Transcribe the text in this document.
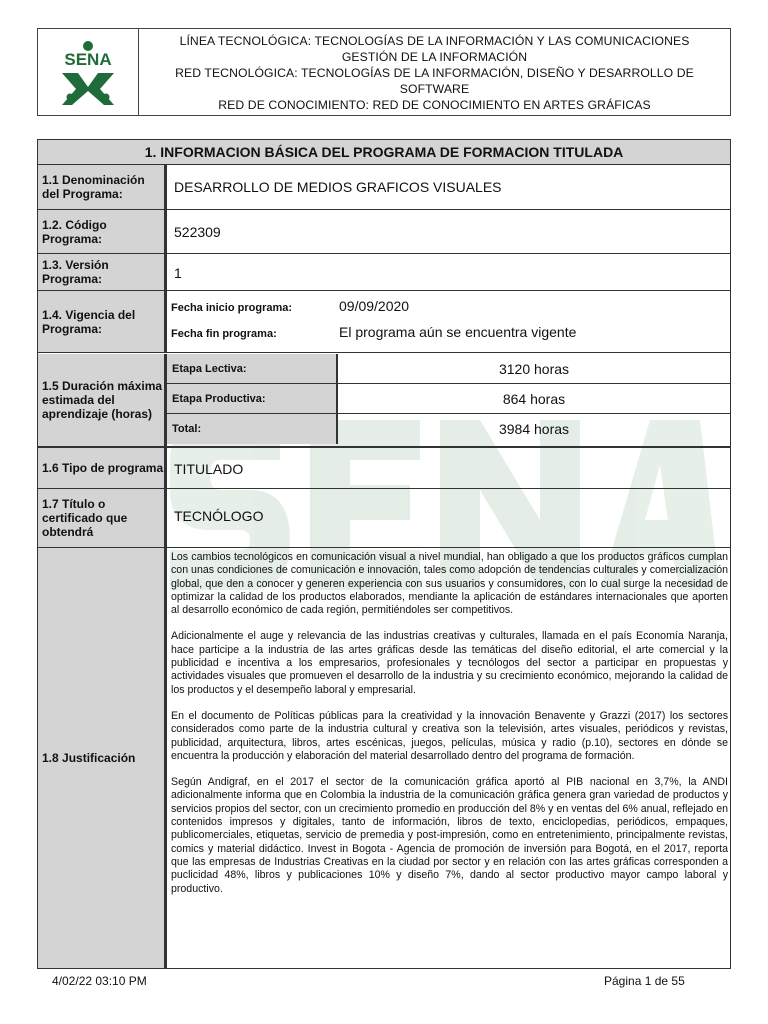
SENA
LÍNEA TECNOLÓGICA: TECNOLOGÍAS DE LA INFORMACIÓN Y LAS COMUNICACIONES
GESTIÓN DE LA INFORMACIÓN
RED TECNOLÓGICA: TECNOLOGÍAS DE LA INFORMACIÓN, DISEÑO Y DESARROLLO DE
SOFTWARE
RED DE CONOCIMIENTO: RED DE CONOCIMIENTO EN ARTES GRÁFICAS
1. INFORMACION BÁSICA DEL PROGRAMA DE FORMACION TITULADA
1.1 Denominación del Programa:	DESARROLLO DE MEDIOS GRAFICOS VISUALES
1.2. Código Programa:	522309
1.3. Versión Programa:	1
1.4. Vigencia del Programa:
Fecha inicio programa:	09/09/2020
Fecha fin programa:	El programa aún se encuentra vigente
1.5 Duración máxima estimada del aprendizaje (horas)
Etapa Lectiva:	3120 horas
Etapa Productiva:	864 horas
Total:	3984 horas
1.6 Tipo de programa TITULADO
1.7 Título o certificado que obtendrá
TECNÓLOGO
1.8 Justificación

Los cambios tecnológicos en comunicación visual a nivel mundial, han obligado a que los productos gráficos cumplan con unas condiciones de comunicación e innovación, tales como adopción de tendencias culturales y comercialización global, que den a conocer y generen experiencia con sus usuarios y consumidores, con lo cual surge la necesidad de optimizar la calidad de los productos elaborados, mendiante la aplicación de estándares internacionales que aporten al desarrollo económico de cada región, permitiéndoles ser competitivos.

Adicionalmente el auge y relevancia de las industrias creativas y culturales, llamada en el país Economía Naranja, hace participe a la industria de las artes gráficas desde las temáticas del diseño editorial, el arte comercial y la publicidad e incentiva a los empresarios, profesionales y tecnólogos del sector a participar en propuestas y actividades visuales que promueven el desarrollo de la industria y su crecimiento económico, mejorando la calidad de los productos y el desempeño laboral y empresarial.

En el documento de Políticas públicas para la creatividad y la innovación Benavente y Grazzi (2017) los sectores considerados como parte de la industria cultural y creativa son la televisión, artes visuales, periódicos y revistas, publicidad, arquitectura, libros, artes escénicas, juegos, películas, música y radio (p.10), sectores en dónde se encuentra la producción y elaboración del material desarrollado dentro del programa de formación.

Según Andigraf, en el 2017 el sector de la comunicación gráfica aportó al PIB nacional en 3,7%, la ANDI adicionalmente informa que en Colombia la industria de la comunicación gráfica genera gran variedad de productos y servicios propios del sector, con un crecimiento promedio en producción del 8% y en ventas del 6% anual, reflejado en contenidos impresos y digitales, tanto de información, libros de texto, enciclopedias, periódicos, empaques, publicomerciales, etiquetas, servicio de premedia y post-impresión, como en entretenimiento, principalmente revistas, comics y material didáctico. Invest in Bogota - Agencia de promoción de inversión para Bogotá, en el 2017, reporta que las empresas de Industrias Creativas en la ciudad por sector y en relación con las artes gráficas corresponden a puclicidad 48%, libros y publicaciones 10% y diseño 7%, dando al sector productivo mayor campo laboral y productivo.

4/02/22 03:10 PM	Página 1 de 55
